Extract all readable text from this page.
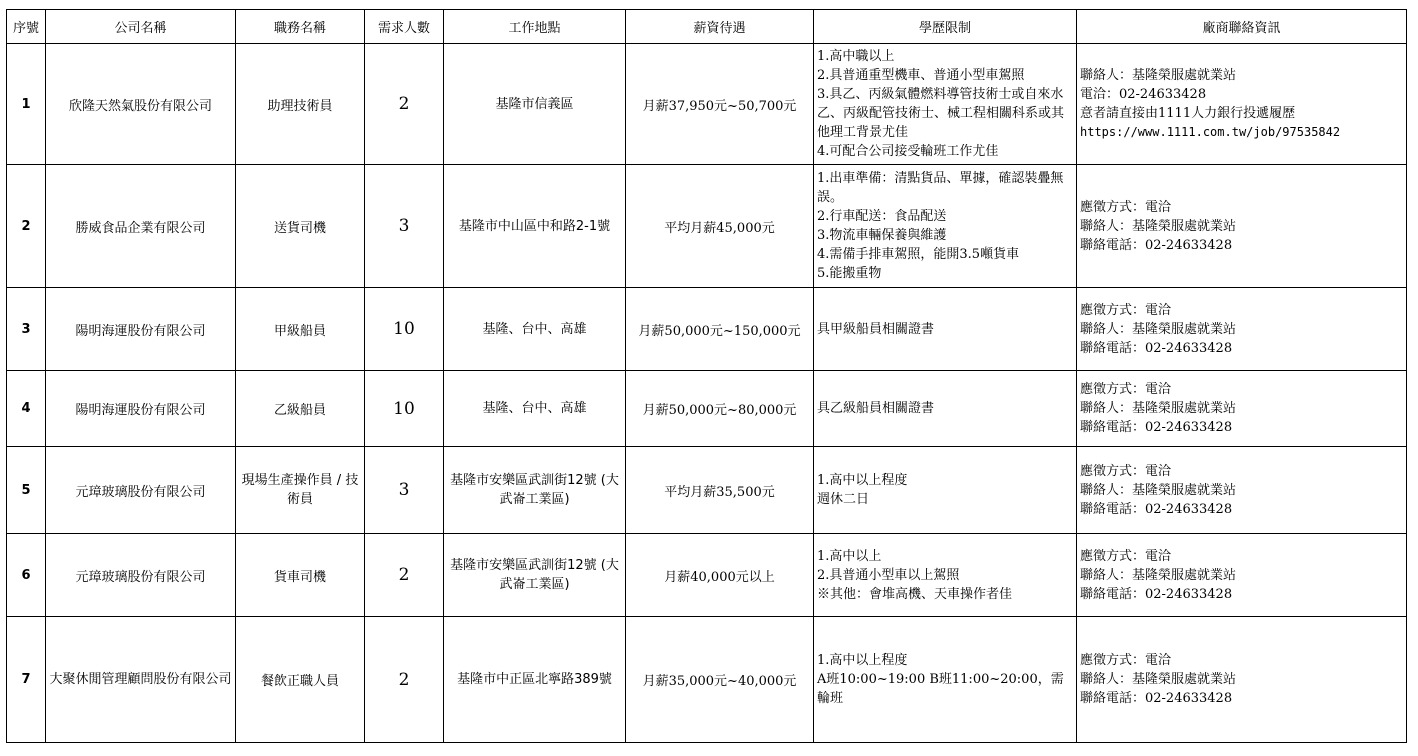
序號	公司名稱	職務名稱	需求人數	工作地點	薪資待遇	學歷限制	廠商聯絡資訊
1	欣隆天然氣股份有限公司	助理技術員	2	基隆市信義區	月薪37,950元~50,700元	1.高中職以上
2.具普通重型機車、普通小型車駕照
3.具乙、丙級氣體燃料導管技術士或自來水乙、丙級配管技術士、械工程相關科系或其他理工背景尤佳
4.可配合公司接受輪班工作尤佳	聯絡人：基隆榮服處就業站
電洽：02-24633428
意者請直接由1111人力銀行投遞履歷
https://www.1111.com.tw/job/97535842

2	勝威食品企業有限公司	送貨司機	3	基隆市中山區中和路2-1號	平均月薪45,000元	1.出車準備：清點貨品、單據，確認裝疊無誤。
2.行車配送：食品配送
3.物流車輛保養與維護
4.需備手排車駕照，能開3.5噸貨車
5.能搬重物	應徵方式：電洽
聯絡人：基隆榮服處就業站
聯絡電話：02-24633428

3	陽明海運股份有限公司	甲級船員	10	基隆、台中、高雄	月薪50,000元~150,000元	具甲級船員相關證書	應徵方式：電洽
聯絡人：基隆榮服處就業站
聯絡電話：02-24633428

4	陽明海運股份有限公司	乙級船員	10	基隆、台中、高雄	月薪50,000元~80,000元	具乙級船員相關證書	應徵方式：電洽
聯絡人：基隆榮服處就業站
聯絡電話：02-24633428

5	元璋玻璃股份有限公司	現場生產操作員 / 技術員	3	基隆市安樂區武訓街12號 (大武崙工業區)	平均月薪35,500元	1.高中以上程度
週休二日	應徵方式：電洽
聯絡人：基隆榮服處就業站
聯絡電話：02-24633428

6	元璋玻璃股份有限公司	貨車司機	2	基隆市安樂區武訓街12號 (大武崙工業區)	月薪40,000元以上	1.高中以上
2.具普通小型車以上駕照
※其他：會堆高機、天車操作者佳	應徵方式：電洽
聯絡人：基隆榮服處就業站
聯絡電話：02-24633428

7	大聚休閒管理顧問股份有限公司	餐飲正職人員	2	基隆市中正區北寧路389號	月薪35,000元~40,000元	1.高中以上程度
A班10:00~19:00 B班11:00~20:00，需輪班	應徵方式：電洽
聯絡人：基隆榮服處就業站
聯絡電話：02-24633428
